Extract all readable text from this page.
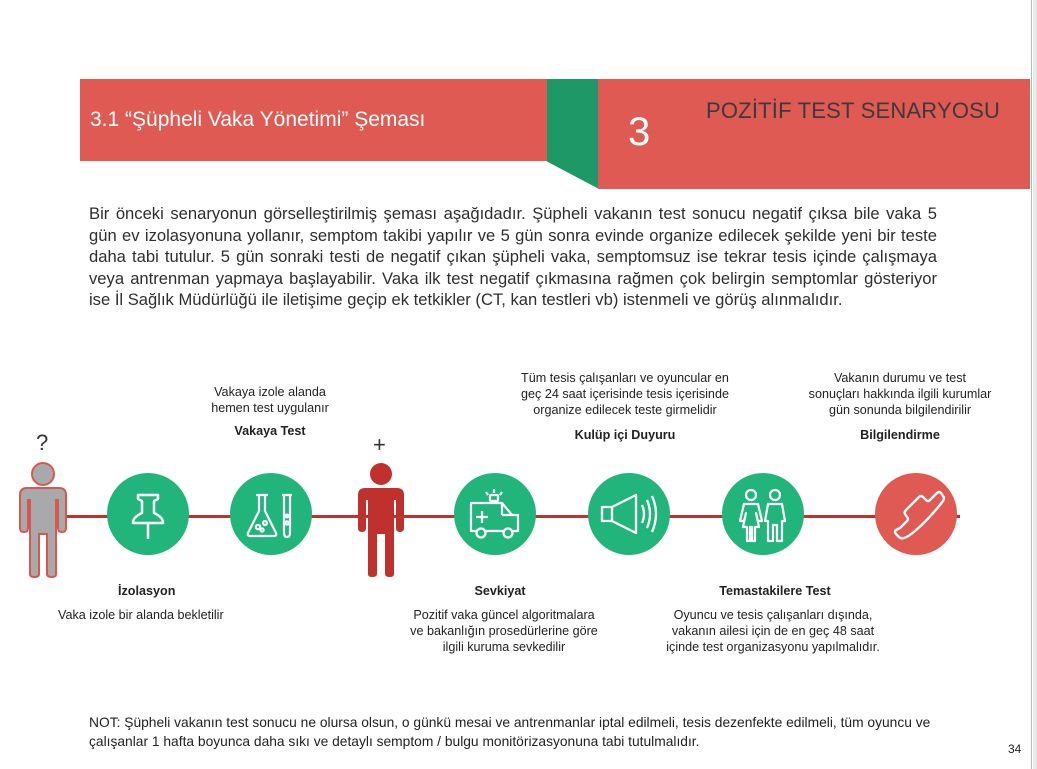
3.1 “Şüpheli Vaka Yönetimi” Şeması	3	POZİTİF TEST SENARYOSU
Bir önceki senaryonun görselleştirilmiş şeması aşağıdadır. Şüpheli vakanın test sonucu negatif çıksa bile vaka 5 gün ev izolasyonuna yollanır, semptom takibi yapılır ve 5 gün sonra evinde organize edilecek şekilde yeni bir teste daha tabi tutulur. 5 gün sonraki testi de negatif çıkan şüpheli vaka, semptomsuz ise tekrar tesis içinde çalışmaya veya antrenman yapmaya başlayabilir. Vaka ilk test negatif çıkmasına rağmen çok belirgin semptomlar gösteriyor ise İl Sağlık Müdürlüğü ile iletişime geçip ek tetkikler (CT, kan testleri vb) istenmeli ve görüş alınmalıdır.
?
İzolasyon
Vaka izole bir alanda bekletilir
Vakaya izole alanda
hemen test uygulanır
Vakaya Test
+
Sevkiyat
Pozitif vaka güncel algoritmalara
ve bakanlığın prosedürlerine göre
ilgili kuruma sevkedilir
Tüm tesis çalışanları ve oyuncular en
geç 24 saat içerisinde tesis içerisinde
organize edilecek teste girmelidir
Kulüp içi Duyuru
Temastakilere Test
Oyuncu ve tesis çalışanları dışında,
vakanın ailesi için de en geç 48 saat
içinde test organizasyonu yapılmalıdır.
Vakanın durumu ve test
sonuçları hakkında ilgili kurumlar
gün sonunda bilgilendirilir
Bilgilendirme
NOT: Şüpheli vakanın test sonucu ne olursa olsun, o günkü mesai ve antrenmanlar iptal edilmeli, tesis dezenfekte edilmeli, tüm oyuncu ve çalışanlar 1 hafta boyunca daha sıkı ve detaylı semptom / bulgu monitörizasyonuna tabi tutulmalıdır.	34
